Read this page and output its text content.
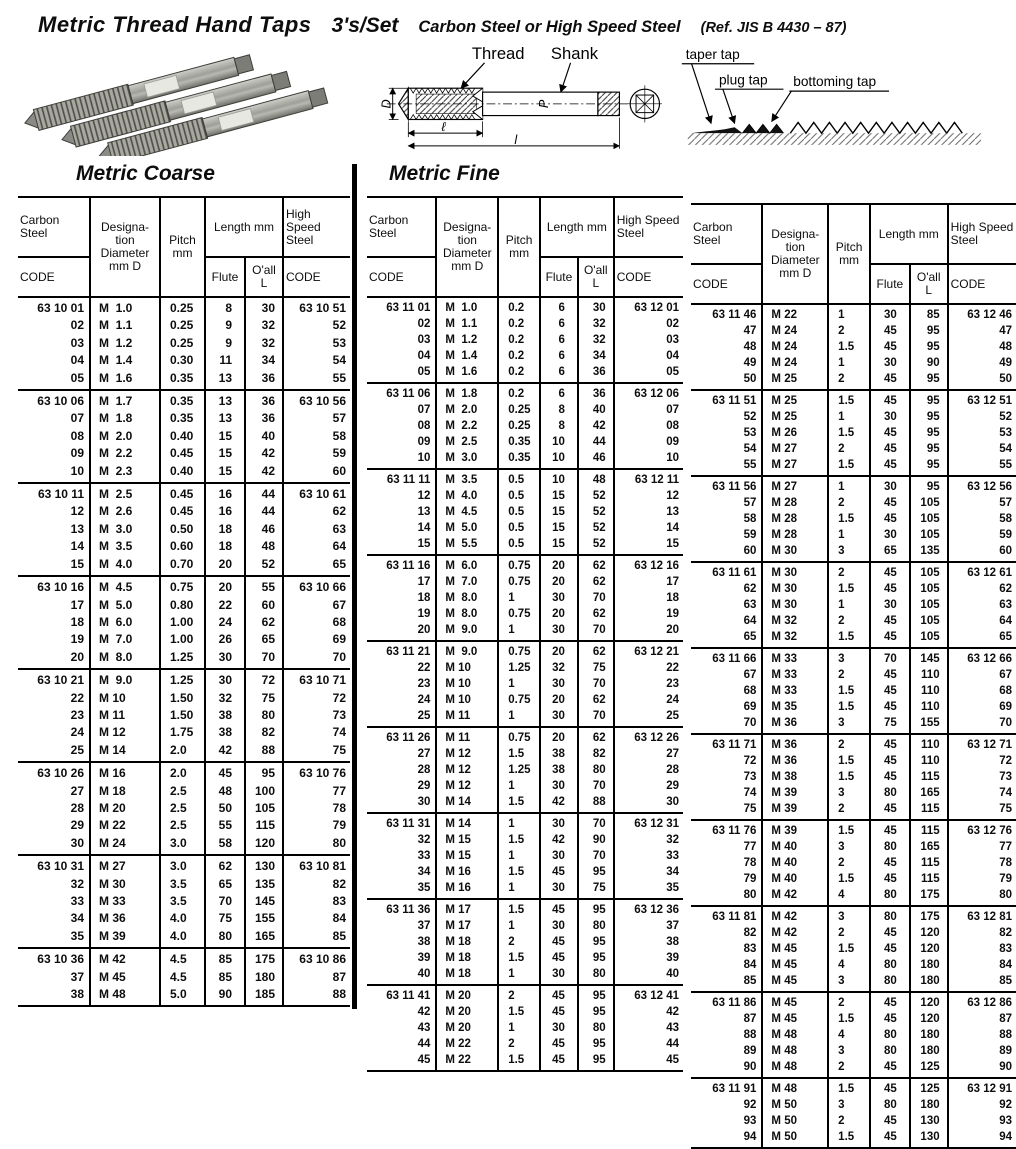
Metric Thread Hand Taps 3's/Set Carbon Steel or High Speed Steel (Ref. JIS B 4430 – 87)
Thread Shank
P
D
ℓ
l
taper tap
plug tap bottoming tap
Metric Coarse
Carbon Steel	Designa- tion Diameter mm D	Pitch mm	Length mm		High Speed Steel
CODE			Flute	O'all L	CODE
63 10 01	M  1.0	0.25	8	30	63 10 51
02	M  1.1	0.25	9	32	52
03	M  1.2	0.25	9	32	53
04	M  1.4	0.30	11	34	54
05	M  1.6	0.35	13	36	55
63 10 06	M  1.7	0.35	13	36	63 10 56
07	M  1.8	0.35	13	36	57
08	M  2.0	0.40	15	40	58
09	M  2.2	0.45	15	42	59
10	M  2.3	0.40	15	42	60
63 10 11	M  2.5	0.45	16	44	63 10 61
12	M  2.6	0.45	16	44	62
13	M  3.0	0.50	18	46	63
14	M  3.5	0.60	18	48	64
15	M  4.0	0.70	20	52	65
63 10 16	M  4.5	0.75	20	55	63 10 66
17	M  5.0	0.80	22	60	67
18	M  6.0	1.00	24	62	68
19	M  7.0	1.00	26	65	69
20	M  8.0	1.25	30	70	70
63 10 21	M  9.0	1.25	30	72	63 10 71
22	M 10	1.50	32	75	72
23	M 11	1.50	38	80	73
24	M 12	1.75	38	82	74
25	M 14	2.0	42	88	75
63 10 26	M 16	2.0	45	95	63 10 76
27	M 18	2.5	48	100	77
28	M 20	2.5	50	105	78
29	M 22	2.5	55	115	79
30	M 24	3.0	58	120	80
63 10 31	M 27	3.0	62	130	63 10 81
32	M 30	3.5	65	135	82
33	M 33	3.5	70	145	83
34	M 36	4.0	75	155	84
35	M 39	4.0	80	165	85
63 10 36	M 42	4.5	85	175	63 10 86
37	M 45	4.5	85	180	87
38	M 48	5.0	90	185	88
Metric Fine
Carbon Steel	Designa- tion Diameter mm D	Pitch mm	Length mm		High Speed Steel
CODE			Flute	O'all L	CODE
63 11 01	M  1.0	0.2	6	30	63 12 01
02	M  1.1	0.2	6	32	02
03	M  1.2	0.2	6	32	03
04	M  1.4	0.2	6	34	04
05	M  1.6	0.2	6	36	05
63 11 06	M  1.8	0.2	6	36	63 12 06
07	M  2.0	0.25	8	40	07
08	M  2.2	0.25	8	42	08
09	M  2.5	0.35	10	44	09
10	M  3.0	0.35	10	46	10
63 11 11	M  3.5	0.5	10	48	63 12 11
12	M  4.0	0.5	15	52	12
13	M  4.5	0.5	15	52	13
14	M  5.0	0.5	15	52	14
15	M  5.5	0.5	15	52	15
63 11 16	M  6.0	0.75	20	62	63 12 16
17	M  7.0	0.75	20	62	17
18	M  8.0	1	30	70	18
19	M  8.0	0.75	20	62	19
20	M  9.0	1	30	70	20
63 11 21	M  9.0	0.75	20	62	63 12 21
22	M 10	1.25	32	75	22
23	M 10	1	30	70	23
24	M 10	0.75	20	62	24
25	M 11	1	30	70	25
63 11 26	M 11	0.75	20	62	63 12 26
27	M 12	1.5	38	82	27
28	M 12	1.25	38	80	28
29	M 12	1	30	70	29
30	M 14	1.5	42	88	30
63 11 31	M 14	1	30	70	63 12 31
32	M 15	1.5	42	90	32
33	M 15	1	30	70	33
34	M 16	1.5	45	95	34
35	M 16	1	30	75	35
63 11 36	M 17	1.5	45	95	63 12 36
37	M 17	1	30	80	37
38	M 18	2	45	95	38
39	M 18	1.5	45	95	39
40	M 18	1	30	80	40
63 11 41	M 20	2	45	95	63 12 41
42	M 20	1.5	45	95	42
43	M 20	1	30	80	43
44	M 22	2	45	95	44
45	M 22	1.5	45	95	45
Carbon Steel	Designa- tion Diameter mm D	Pitch mm	Length mm		High Speed Steel
CODE			Flute	O'all L	CODE
63 11 46	M 22	1	30	85	63 12 46
47	M 24	2	45	95	47
48	M 24	1.5	45	95	48
49	M 24	1	30	90	49
50	M 25	2	45	95	50
63 11 51	M 25	1.5	45	95	63 12 51
52	M 25	1	30	95	52
53	M 26	1.5	45	95	53
54	M 27	2	45	95	54
55	M 27	1.5	45	95	55
63 11 56	M 27	1	30	95	63 12 56
57	M 28	2	45	105	57
58	M 28	1.5	45	105	58
59	M 28	1	30	105	59
60	M 30	3	65	135	60
63 11 61	M 30	2	45	105	63 12 61
62	M 30	1.5	45	105	62
63	M 30	1	30	105	63
64	M 32	2	45	105	64
65	M 32	1.5	45	105	65
63 11 66	M 33	3	70	145	63 12 66
67	M 33	2	45	110	67
68	M 33	1.5	45	110	68
69	M 35	1.5	45	110	69
70	M 36	3	75	155	70
63 11 71	M 36	2	45	110	63 12 71
72	M 36	1.5	45	110	72
73	M 38	1.5	45	115	73
74	M 39	3	80	165	74
75	M 39	2	45	115	75
63 11 76	M 39	1.5	45	115	63 12 76
77	M 40	3	80	165	77
78	M 40	2	45	115	78
79	M 40	1.5	45	115	79
80	M 42	4	80	175	80
63 11 81	M 42	3	80	175	63 12 81
82	M 42	2	45	120	82
83	M 45	1.5	45	120	83
84	M 45	4	80	180	84
85	M 45	3	80	180	85
63 11 86	M 45	2	45	120	63 12 86
87	M 45	1.5	45	120	87
88	M 48	4	80	180	88
89	M 48	3	80	180	89
90	M 48	2	45	125	90
63 11 91	M 48	1.5	45	125	63 12 91
92	M 50	3	80	180	92
93	M 50	2	45	130	93
94	M 50	1.5	45	130	94
